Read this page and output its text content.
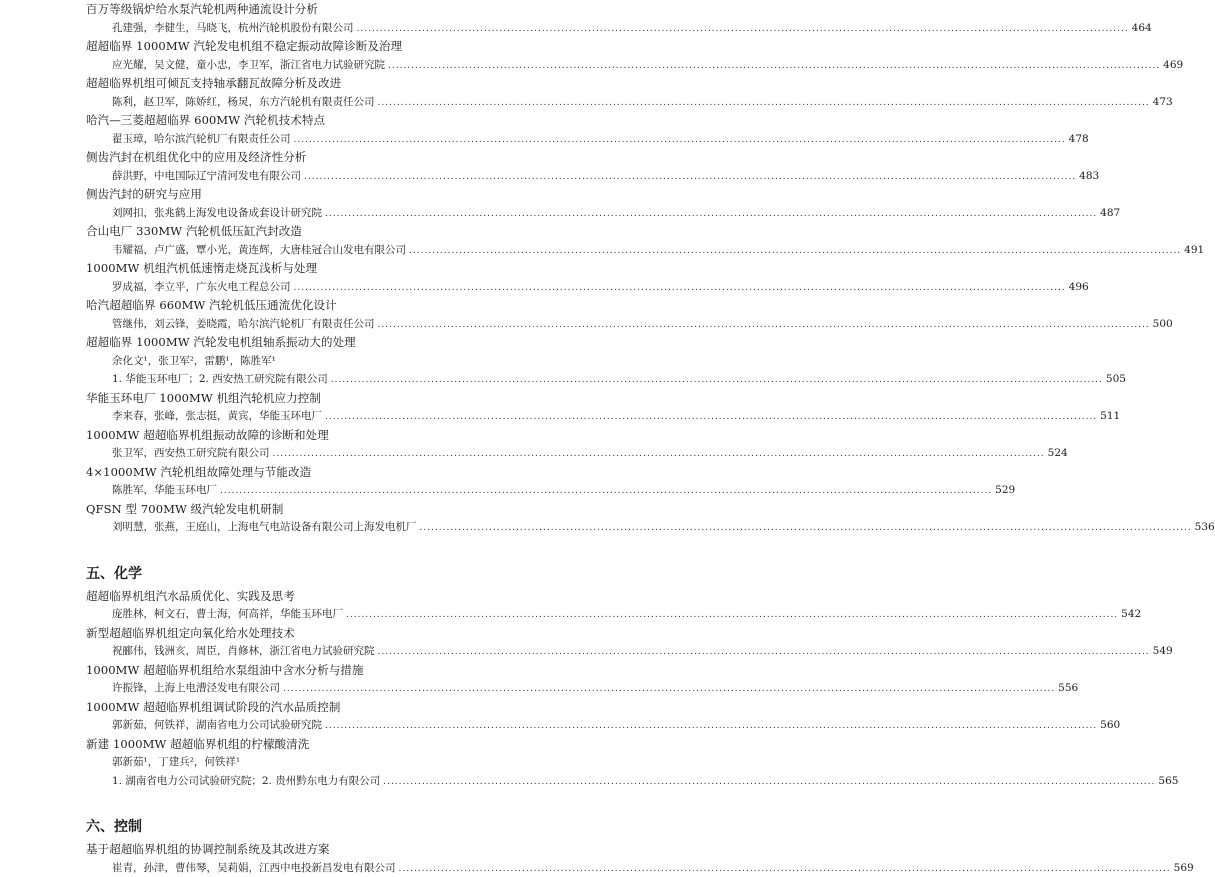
百万等级锅炉给水泵汽轮机两种通流设计分析
孔建强，李健生，马晓飞，杭州汽轮机股份有限公司 ........................................................................................................................................................................................................ 464
超超临界 1000MW 汽轮发电机组不稳定振动故障诊断及治理
应光耀，吴文健，童小忠，李卫军，浙江省电力试验研究院 ........................................................................................................................................................................................................ 469
超超临界机组可倾瓦支持轴承翻瓦故障分析及改进
陈利，赵卫军，陈娇红，杨炅，东方汽轮机有限责任公司 ........................................................................................................................................................................................................ 473
哈汽—三菱超超临界 600MW 汽轮机技术特点
翟玉璋，哈尔滨汽轮机厂有限责任公司 ........................................................................................................................................................................................................ 478
侧齿汽封在机组优化中的应用及经济性分析
薛洪野，中电国际辽宁清河发电有限公司 ........................................................................................................................................................................................................ 483
侧齿汽封的研究与应用
刘网扣，张兆鹤上海发电设备成套设计研究院 ........................................................................................................................................................................................................ 487
合山电厂 330MW 汽轮机低压缸汽封改造
韦耀福，卢广盛，覃小光，黄连辉，大唐桂冠合山发电有限公司 ........................................................................................................................................................................................................ 491
1000MW 机组汽机低速惰走烧瓦浅析与处理
罗成福，李立平，广东火电工程总公司 ........................................................................................................................................................................................................ 496
哈汽超超临界 660MW 汽轮机低压通流优化设计
管继伟，刘云锋，姜晓霞，哈尔滨汽轮机厂有限责任公司 ........................................................................................................................................................................................................ 500
超超临界 1000MW 汽轮发电机组轴系振动大的处理
余化文¹，张卫军²，雷鹏¹，陈胜军¹
1. 华能玉环电厂；2. 西安热工研究院有限公司 ........................................................................................................................................................................................................ 505
华能玉环电厂 1000MW 机组汽轮机应力控制
李来春，张峰，张志挺，黄宾，华能玉环电厂 ........................................................................................................................................................................................................ 511
1000MW 超超临界机组振动故障的诊断和处理
张卫军，西安热工研究院有限公司 ........................................................................................................................................................................................................ 524
4×1000MW 汽轮机组故障处理与节能改造
陈胜军，华能玉环电厂 ........................................................................................................................................................................................................ 529
QFSN 型 700MW 级汽轮发电机研制
刘明慧，张燕，王庭山，上海电气电站设备有限公司上海发电机厂 ........................................................................................................................................................................................................ 536
五、化学
超超临界机组汽水品质优化、实践及思考
庞胜林，柯文石，曹士海，何高祥，华能玉环电厂 ........................................................................................................................................................................................................ 542
新型超超临界机组定向氧化给水处理技术
祝郦伟，钱洲亥，周臣，肖修林，浙江省电力试验研究院 ........................................................................................................................................................................................................ 549
1000MW 超超临界机组给水泵组油中含水分析与措施
许振锋，上海上电漕泾发电有限公司 ........................................................................................................................................................................................................ 556
1000MW 超超临界机组调试阶段的汽水品质控制
郭新茹，何铁祥，湖南省电力公司试验研究院 ........................................................................................................................................................................................................ 560
新建 1000MW 超超临界机组的柠檬酸清洗
郭新茹¹，丁建兵²，何铁祥¹
1. 湖南省电力公司试验研究院；2. 贵州黔东电力有限公司 ........................................................................................................................................................................................................ 565
六、控制
基于超超临界机组的协调控制系统及其改进方案
崔青，孙津，曹伟琴，吴莉娟，江西中电投新昌发电有限公司 ........................................................................................................................................................................................................ 569
